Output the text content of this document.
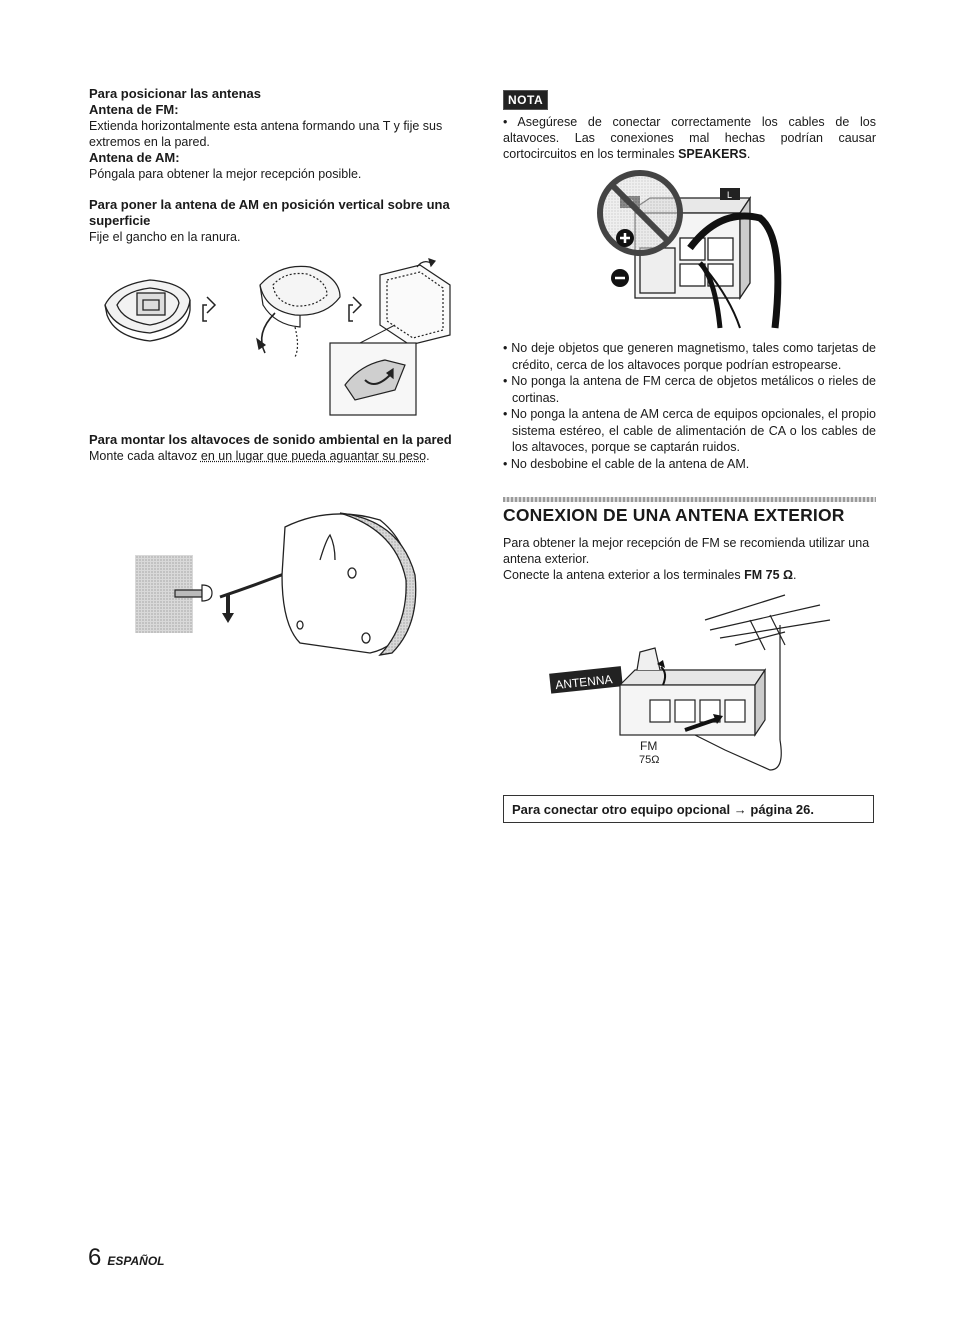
Para posicionar las antenas

Antena de FM:

Extienda horizontalmente esta antena formando una T y fije sus extremos en la pared.

Antena de AM:

Póngala para obtener la mejor recepción posible.

Para poner la antena de AM en posición vertical sobre una superficie

Fije el gancho en la ranura.

Para montar los altavoces de sonido ambiental en la pared

Monte cada altavoz en un lugar que pueda aguantar su peso.

NOTA

• Asegúrese de conectar correctamente los cables de los altavoces. Las conexiones mal hechas podrían causar cortocircuitos en los terminales SPEAKERS.

L
• No deje objetos que generen magnetismo, tales como tarjetas de crédito, cerca de los altavoces porque podrían estropearse.
• No ponga la antena de FM cerca de objetos metálicos o rieles de cortinas.
• No ponga la antena de AM cerca de equipos opcionales, el propio sistema estéreo, el cable de alimentación de CA o los cables de los altavoces, porque se captarán ruidos.
• No desbobine el cable de la antena de AM.
CONEXION DE UNA ANTENA EXTERIOR

Para obtener la mejor recepción de FM se recomienda utilizar una antena exterior.

Conecte la antena exterior a los terminales FM 75 Ω.

ANTENNA
FM
75Ω
Para conectar otro equipo opcional → página 26.
6 ESPAÑOL
